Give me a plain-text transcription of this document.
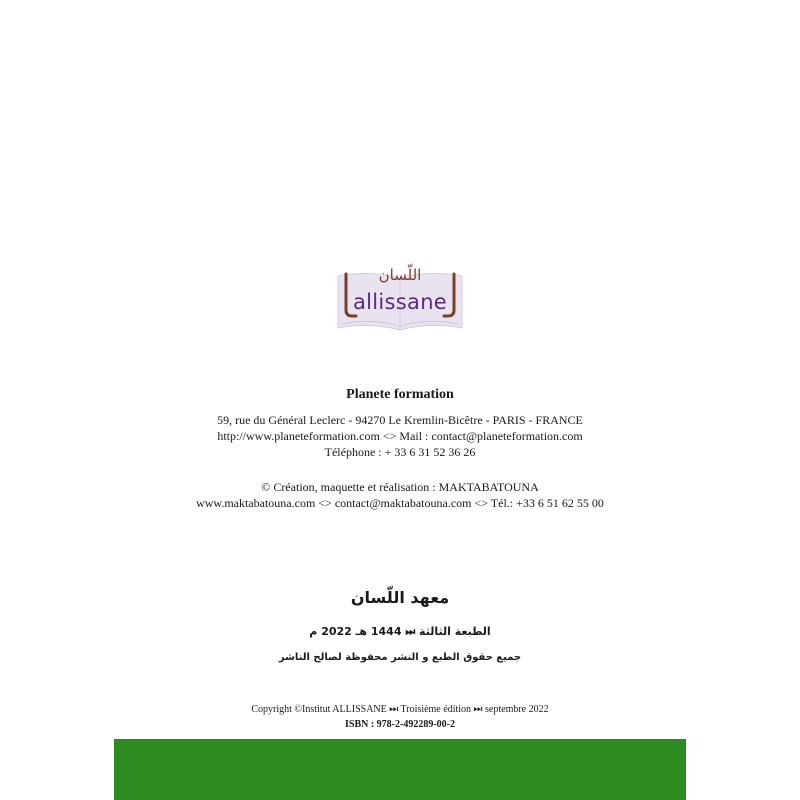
اللّسان
allissane
Planete formation
59, rue du Général Leclerc - 94270 Le Kremlin-Bicêtre - PARIS - FRANCE
http://www.planeteformation.com <> Mail : contact@planeteformation.com
Téléphone : + 33 6 31 52 36 26
© Création, maquette et réalisation : MAKTABATOUNA
www.maktabatouna.com <> contact@maktabatouna.com <> Tél.: +33 6 51 62 55 00
معهد اللّسان
الطبعة الثالثة ⏭ 1444 هـ 2022 م
جميع حقوق الطبع و النشر محفوظة لصالح الناشر
Copyright ©Institut ALLISSANE ⏭ Troisième édition ⏭ septembre 2022
ISBN : 978-2-492289-00-2
